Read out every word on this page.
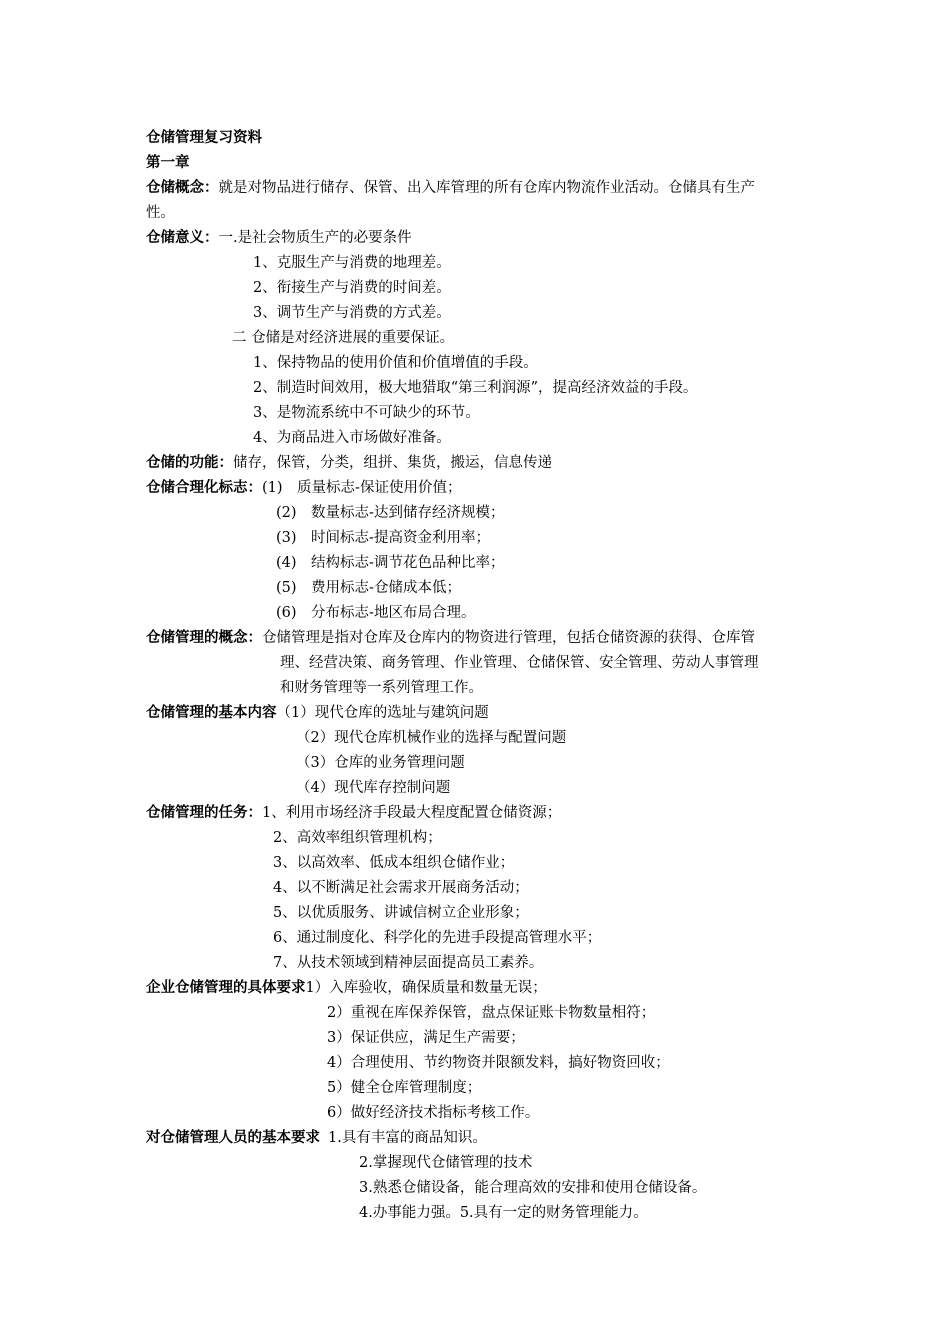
仓储管理复习资料
第一章
仓储概念：就是对物品进行储存、保管、出入库管理的所有仓库内物流作业活动。仓储具有生产
性。
仓储意义：一.是社会物质生产的必要条件
1、克服生产与消费的地理差。
2、衔接生产与消费的时间差。
3、调节生产与消费的方式差。
二 仓储是对经济进展的重要保证。
1、保持物品的使用价值和价值增值的手段。
2、制造时间效用，极大地猎取“第三利润源”，提高经济效益的手段。
3、是物流系统中不可缺少的环节。
4、为商品进入市场做好准备。
仓储的功能：储存，保管，分类，组拼、集货，搬运，信息传递
仓储合理化标志：(1)　质量标志-保证使用价值；
(2)　数量标志-达到储存经济规模；
(3)　时间标志-提高资金利用率；
(4)　结构标志-调节花色品种比率；
(5)　费用标志-仓储成本低；
(6)　分布标志-地区布局合理。
仓储管理的概念：仓储管理是指对仓库及仓库内的物资进行管理，包括仓储资源的获得、仓库管
理、经营决策、商务管理、作业管理、仓储保管、安全管理、劳动人事管理
和财务管理等一系列管理工作。
仓储管理的基本内容（1）现代仓库的选址与建筑问题
（2）现代仓库机械作业的选择与配置问题
（3）仓库的业务管理问题
（4）现代库存控制问题
仓储管理的任务：1、利用市场经济手段最大程度配置仓储资源；
2、高效率组织管理机构；
3、以高效率、低成本组织仓储作业；
4、以不断满足社会需求开展商务活动；
5、以优质服务、讲诚信树立企业形象；
6、通过制度化、科学化的先进手段提高管理水平；
7、从技术领域到精神层面提高员工素养。
企业仓储管理的具体要求1）入库验收，确保质量和数量无误；
2）重视在库保养保管，盘点保证账卡物数量相符；
3）保证供应，满足生产需要；
4）合理使用、节约物资并限额发料，搞好物资回收；
5）健全仓库管理制度；
6）做好经济技术指标考核工作。
对仓储管理人员的基本要求 1.具有丰富的商品知识。
2.掌握现代仓储管理的技术
3.熟悉仓储设备，能合理高效的安排和使用仓储设备。
4.办事能力强。5.具有一定的财务管理能力。
